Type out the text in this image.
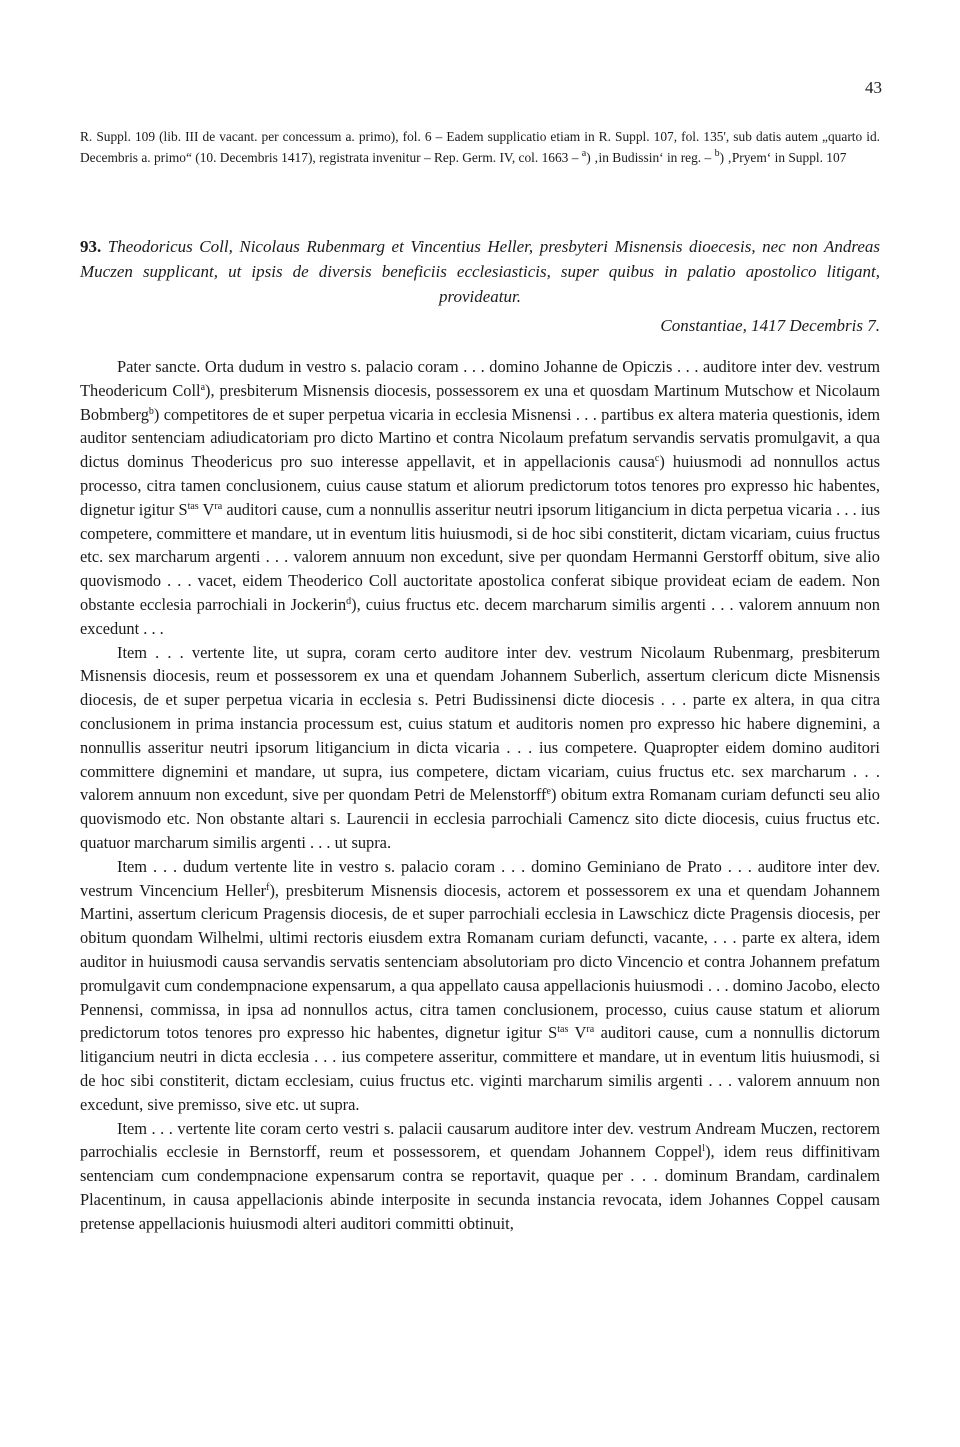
43
R. Suppl. 109 (lib. III de vacant. per concessum a. primo), fol. 6 – Eadem supplicatio etiam in R. Suppl. 107, fol. 135', sub datis autem „quarto id. Decembris a. primo“ (10. Decembris 1417), registrata invenitur – Rep. Germ. IV, col. 1663 – $^a$) ‚in Budissin‘ in reg. – $^b$) ‚Pryem‘ in Suppl. 107
93. Theodoricus Coll, Nicolaus Rubenmarg et Vincentius Heller, presbyteri Misnensis dioecesis, nec non Andreas Muczen supplicant, ut ipsis de diversis beneficiis ecclesiasticis, super quibus in palatio apostolico litigant, provideatur.
Constantiae, 1417 Decembris 7.

Pater sancte. Orta dudum in vestro s. palacio coram . . . domino Johanne de Opiczis . . . auditore inter dev. vestrum Theodericum Coll$^a$), presbiterum Misnensis diocesis, possessorem ex una et quosdam Martinum Mutschow et Nicolaum Bobmberg$^b$) competitores de et super perpetua vicaria in ecclesia Misnensi . . . partibus ex altera materia questionis, idem auditor sentenciam adiudicatoriam pro dicto Martino et contra Nicolaum prefatum servandis servatis promulgavit, a qua dictus dominus Theodericus pro suo interesse appellavit, et in appellacionis causa$^c$) huiusmodi ad nonnullos actus processo, citra tamen conclusionem, cuius cause statum et aliorum predictorum totos tenores pro expresso hic habentes, dignetur igitur $S^{tas}$ $V^{ra}$ auditori cause, cum a nonnullis asseritur neutri ipsorum litigancium in dicta perpetua vicaria . . . ius competere, committere et mandare, ut in eventum litis huiusmodi, si de hoc sibi constiterit, dictam vicariam, cuius fructus etc. sex marcharum argenti . . . valorem annuum non excedunt, sive per quondam Hermanni Gerstorff obitum, sive alio quovismodo . . . vacet, eidem Theoderico Coll auctoritate apostolica conferat sibique provideat eciam de eadem. Non obstante ecclesia parrochiali in Jockerin$^d$), cuius fructus etc. decem marcharum similis argenti . . . valorem annuum non excedunt . . .

Item . . . vertente lite, ut supra, coram certo auditore inter dev. vestrum Nicolaum Rubenmarg, presbiterum Misnensis diocesis, reum et possessorem ex una et quendam Johannem Suberlich, assertum clericum dicte Misnensis diocesis, de et super perpetua vicaria in ecclesia s. Petri Budissinensi dicte diocesis . . . parte ex altera, in qua citra conclusionem in prima instancia processum est, cuius statum et auditoris nomen pro expresso hic habere dignemini, a nonnullis asseritur neutri ipsorum litigancium in dicta vicaria . . . ius competere. Quapropter eidem domino auditori committere dignemini et mandare, ut supra, ius competere, dictam vicariam, cuius fructus etc. sex marcharum . . . valorem annuum non excedunt, sive per quondam Petri de Melenstorff$^e$) obitum extra Romanam curiam defuncti seu alio quovismodo etc. Non obstante altari s. Laurencii in ecclesia parrochiali Camencz sito dicte diocesis, cuius fructus etc. quatuor marcharum similis argenti . . . ut supra.

Item . . . dudum vertente lite in vestro s. palacio coram . . . domino Geminiano de Prato . . . auditore inter dev. vestrum Vincencium Heller$^f$), presbiterum Misnensis diocesis, actorem et possessorem ex una et quendam Johannem Martini, assertum clericum Pragensis diocesis, de et super parrochiali ecclesia in Lawschicz dicte Pragensis diocesis, per obitum quondam Wilhelmi, ultimi rectoris eiusdem extra Romanam curiam defuncti, vacante, . . . parte ex altera, idem auditor in huiusmodi causa servandis servatis sentenciam absolutoriam pro dicto Vincencio et contra Johannem prefatum promulgavit cum condempnacione expensarum, a qua appellato causa appellacionis huiusmodi . . . domino Jacobo, electo Pennensi, commissa, in ipsa ad nonnullos actus, citra tamen conclusionem, processo, cuius cause statum et aliorum predictorum totos tenores pro expresso hic habentes, dignetur igitur $S^{tas}$ $V^{ra}$ auditori cause, cum a nonnullis dictorum litigancium neutri in dicta ecclesia . . . ius competere asseritur, committere et mandare, ut in eventum litis huiusmodi, si de hoc sibi constiterit, dictam ecclesiam, cuius fructus etc. viginti marcharum similis argenti . . . valorem annuum non excedunt, sive premisso, sive etc. ut supra.

Item . . . vertente lite coram certo vestri s. palacii causarum auditore inter dev. vestrum Andream Muczen, rectorem parrochialis ecclesie in Bernstorff, reum et possessorem, et quendam Johannem Coppel$^l$), idem reus diffinitivam sentenciam cum condempnacione expensarum contra se reportavit, quaque per . . . dominum Brandam, cardinalem Placentinum, in causa appellacionis abinde interposite in secunda instancia revocata, idem Johannes Coppel causam pretense appellacionis huiusmodi alteri auditori committi obtinuit,
